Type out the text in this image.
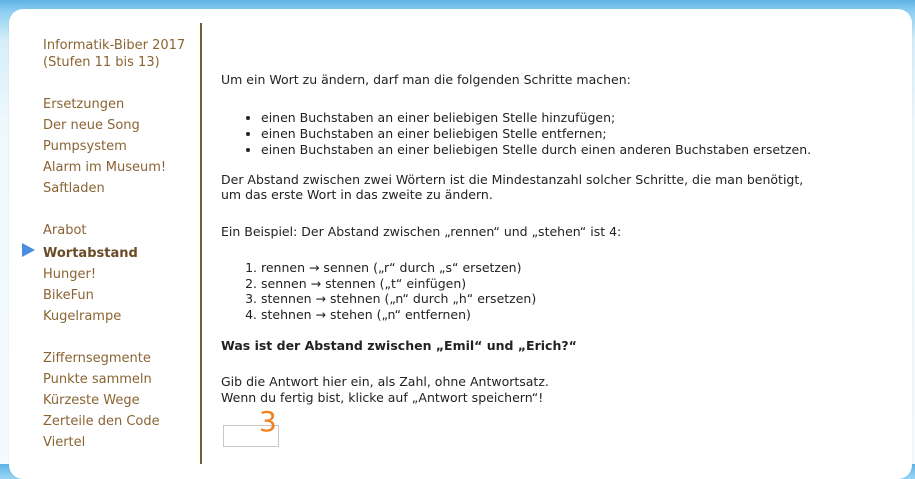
Informatik-Biber 2017
(Stufen 11 bis 13)
Ersetzungen
Der neue Song
Pumpsystem
Alarm im Museum!
Saftladen
Arabot
Wortabstand
Hunger!
BikeFun
Kugelrampe
Ziffernsegmente
Punkte sammeln
Kürzeste Wege
Zerteile den Code
Viertel
Um ein Wort zu ändern, darf man die folgenden Schritte machen:
• einen Buchstaben an einer beliebigen Stelle hinzufügen;
• einen Buchstaben an einer beliebigen Stelle entfernen;
• einen Buchstaben an einer beliebigen Stelle durch einen anderen Buchstaben ersetzen.
Der Abstand zwischen zwei Wörtern ist die Mindestanzahl solcher Schritte, die man benötigt,
um das erste Wort in das zweite zu ändern.
Ein Beispiel: Der Abstand zwischen „rennen“ und „stehen“ ist 4:
1. rennen → sennen („r“ durch „s“ ersetzen)
2. sennen → stennen („t“ einfügen)
3. stennen → stehnen („n“ durch „h“ ersetzen)
4. stehnen → stehen („n“ entfernen)
Was ist der Abstand zwischen „Emil“ und „Erich?“
Gib die Antwort hier ein, als Zahl, ohne Antwortsatz.
Wenn du fertig bist, klicke auf „Antwort speichern“!
3
